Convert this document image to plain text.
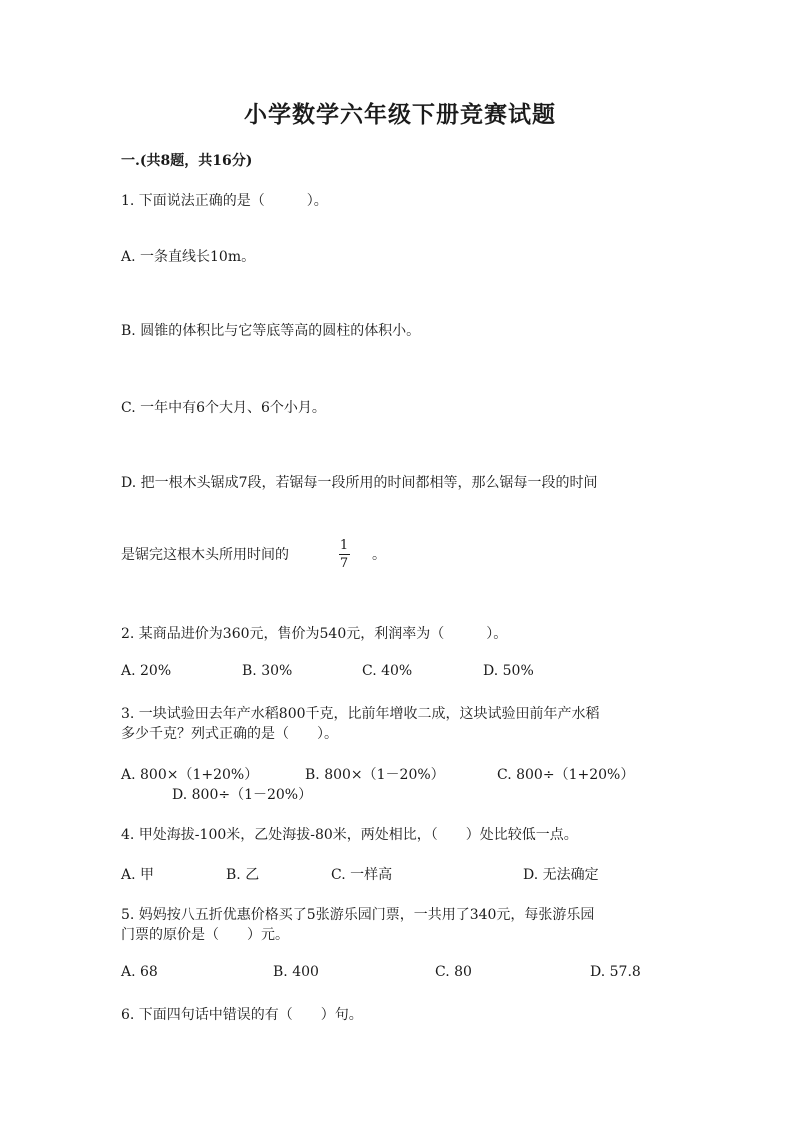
小学数学六年级下册竞赛试题
一.(共8题，共16分)
1. 下面说法正确的是（　　　）。
A. 一条直线长10m。
B. 圆锥的体积比与它等底等高的圆柱的体积小。
C. 一年中有6个大月、6个小月。
D. 把一根木头锯成7段，若锯每一段所用的时间都相等，那么锯每一段的时间
是锯完这根木头所用时间的
1
7
。
2. 某商品进价为360元，售价为540元，利润率为（　　　）。
A. 20%	B. 30%	C. 40%	D. 50%
3. 一块试验田去年产水稻800千克，比前年增收二成，这块试验田前年产水稻
多少千克？列式正确的是（　　）。
A. 800×（1+20%）	B. 800×（1－20%）	C. 800÷（1+20%）
D. 800÷（1－20%）
4. 甲处海拔-100米，乙处海拔-80米，两处相比，（　　）处比较低一点。
A. 甲	B. 乙	C. 一样高	D. 无法确定
5. 妈妈按八五折优惠价格买了5张游乐园门票，一共用了340元，每张游乐园
门票的原价是（　　）元。
A. 68	B. 400	C. 80	D. 57.8
6. 下面四句话中错误的有（　　）句。
